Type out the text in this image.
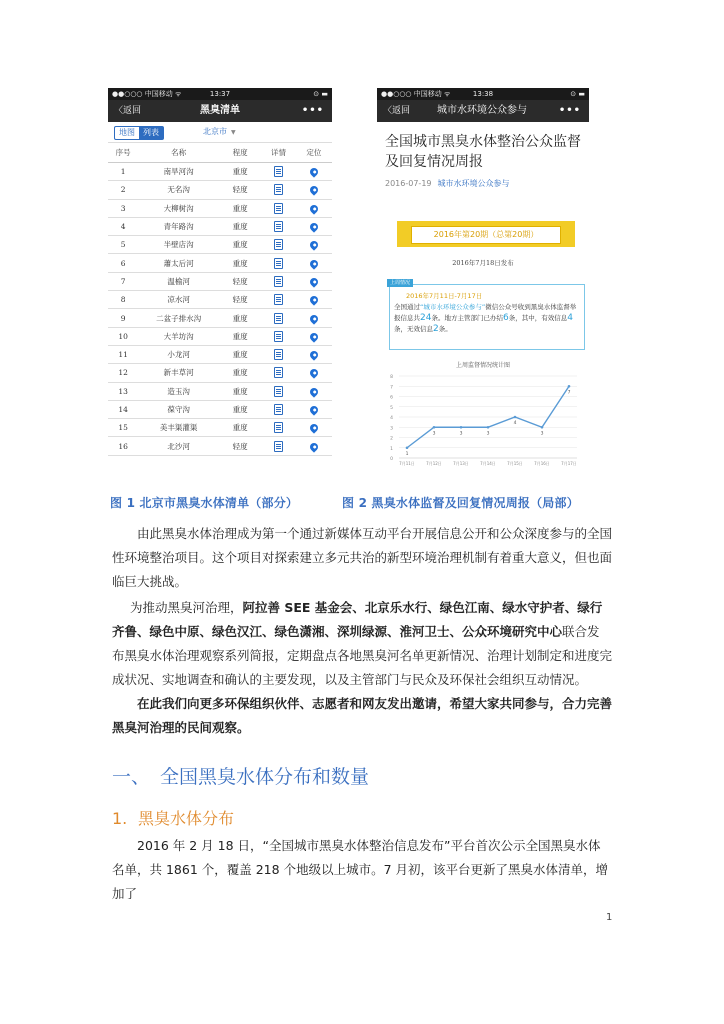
●●○○○ 中国移动 ᯤ	13:37	⊙ ▬
〈返回	黑臭清单	•••
地图	列表	北京市 ▼
序号	名称	程度	详情	定位
1	南旱河沟	重度		
2	无名沟	轻度		
3	大柳树沟	重度		
4	青年路沟	重度		
5	半壁店沟	重度		
6	蕭太后河	重度		
7	温榆河	轻度		
8	凉水河	轻度		
9	二盆子排水沟	重度		
10	大羊坊沟	重度		
11	小龙河	重度		
12	新丰草河	重度		
13	造玉沟	重度		
14	葆守沟	重度		
15	美丰渠灌渠	重度		
16	北沙河	轻度		
●●○○○ 中国移动 ᯤ	13:38	⊙ ▬
〈返回	城市水环境公众参与	•••
全国城市黑臭水体整治公众监督及回复情况周报
2016-07-19 城市水环境公众参与
2016年第20期（总第20期）
2016年7月18日发布
上周情况
2016年7月11日-7月17日
全国通过“城市水环境公众参与”微信公众号收到黑臭水体监督举报信息共24条。地方主管部门已办结6条，其中，有效信息4条，无效信息2条。
上周监督情况统计图
0
1
2
3
4
5
6
7
8
1
3	3	3
4
3
7
7月11日	7月12日	7月13日	7月14日	7月15日	7月16日	7月17日
图 1 北京市黑臭水体清单（部分）	图 2 黑臭水体监督及回复情况周报（局部）
由此黑臭水体治理成为第一个通过新媒体互动平台开展信息公开和公众深度参与的全国性环境整治项目。这个项目对探索建立多元共治的新型环境治理机制有着重大意义，但也面临巨大挑战。
为推动黑臭河治理，阿拉善 SEE 基金会、北京乐水行、绿色江南、绿水守护者、绿行齐鲁、绿色中原、绿色汉江、绿色潇湘、深圳绿源、淮河卫士、公众环境研究中心联合发布黑臭水体治理观察系列简报，定期盘点各地黑臭河名单更新情况、治理计划制定和进度完成状况、实地调查和确认的主要发现，以及主管部门与民众及环保社会组织互动情况。
在此我们向更多环保组织伙伴、志愿者和网友发出邀请，希望大家共同参与，合力完善黑臭河治理的民间观察。
一、 全国黑臭水体分布和数量
1. 黑臭水体分布
2016 年 2 月 18 日，“全国城市黑臭水体整治信息发布”平台首次公示全国黑臭水体名单，共 1861 个，覆盖 218 个地级以上城市。7 月初，该平台更新了黑臭水体清单，增加了
1
